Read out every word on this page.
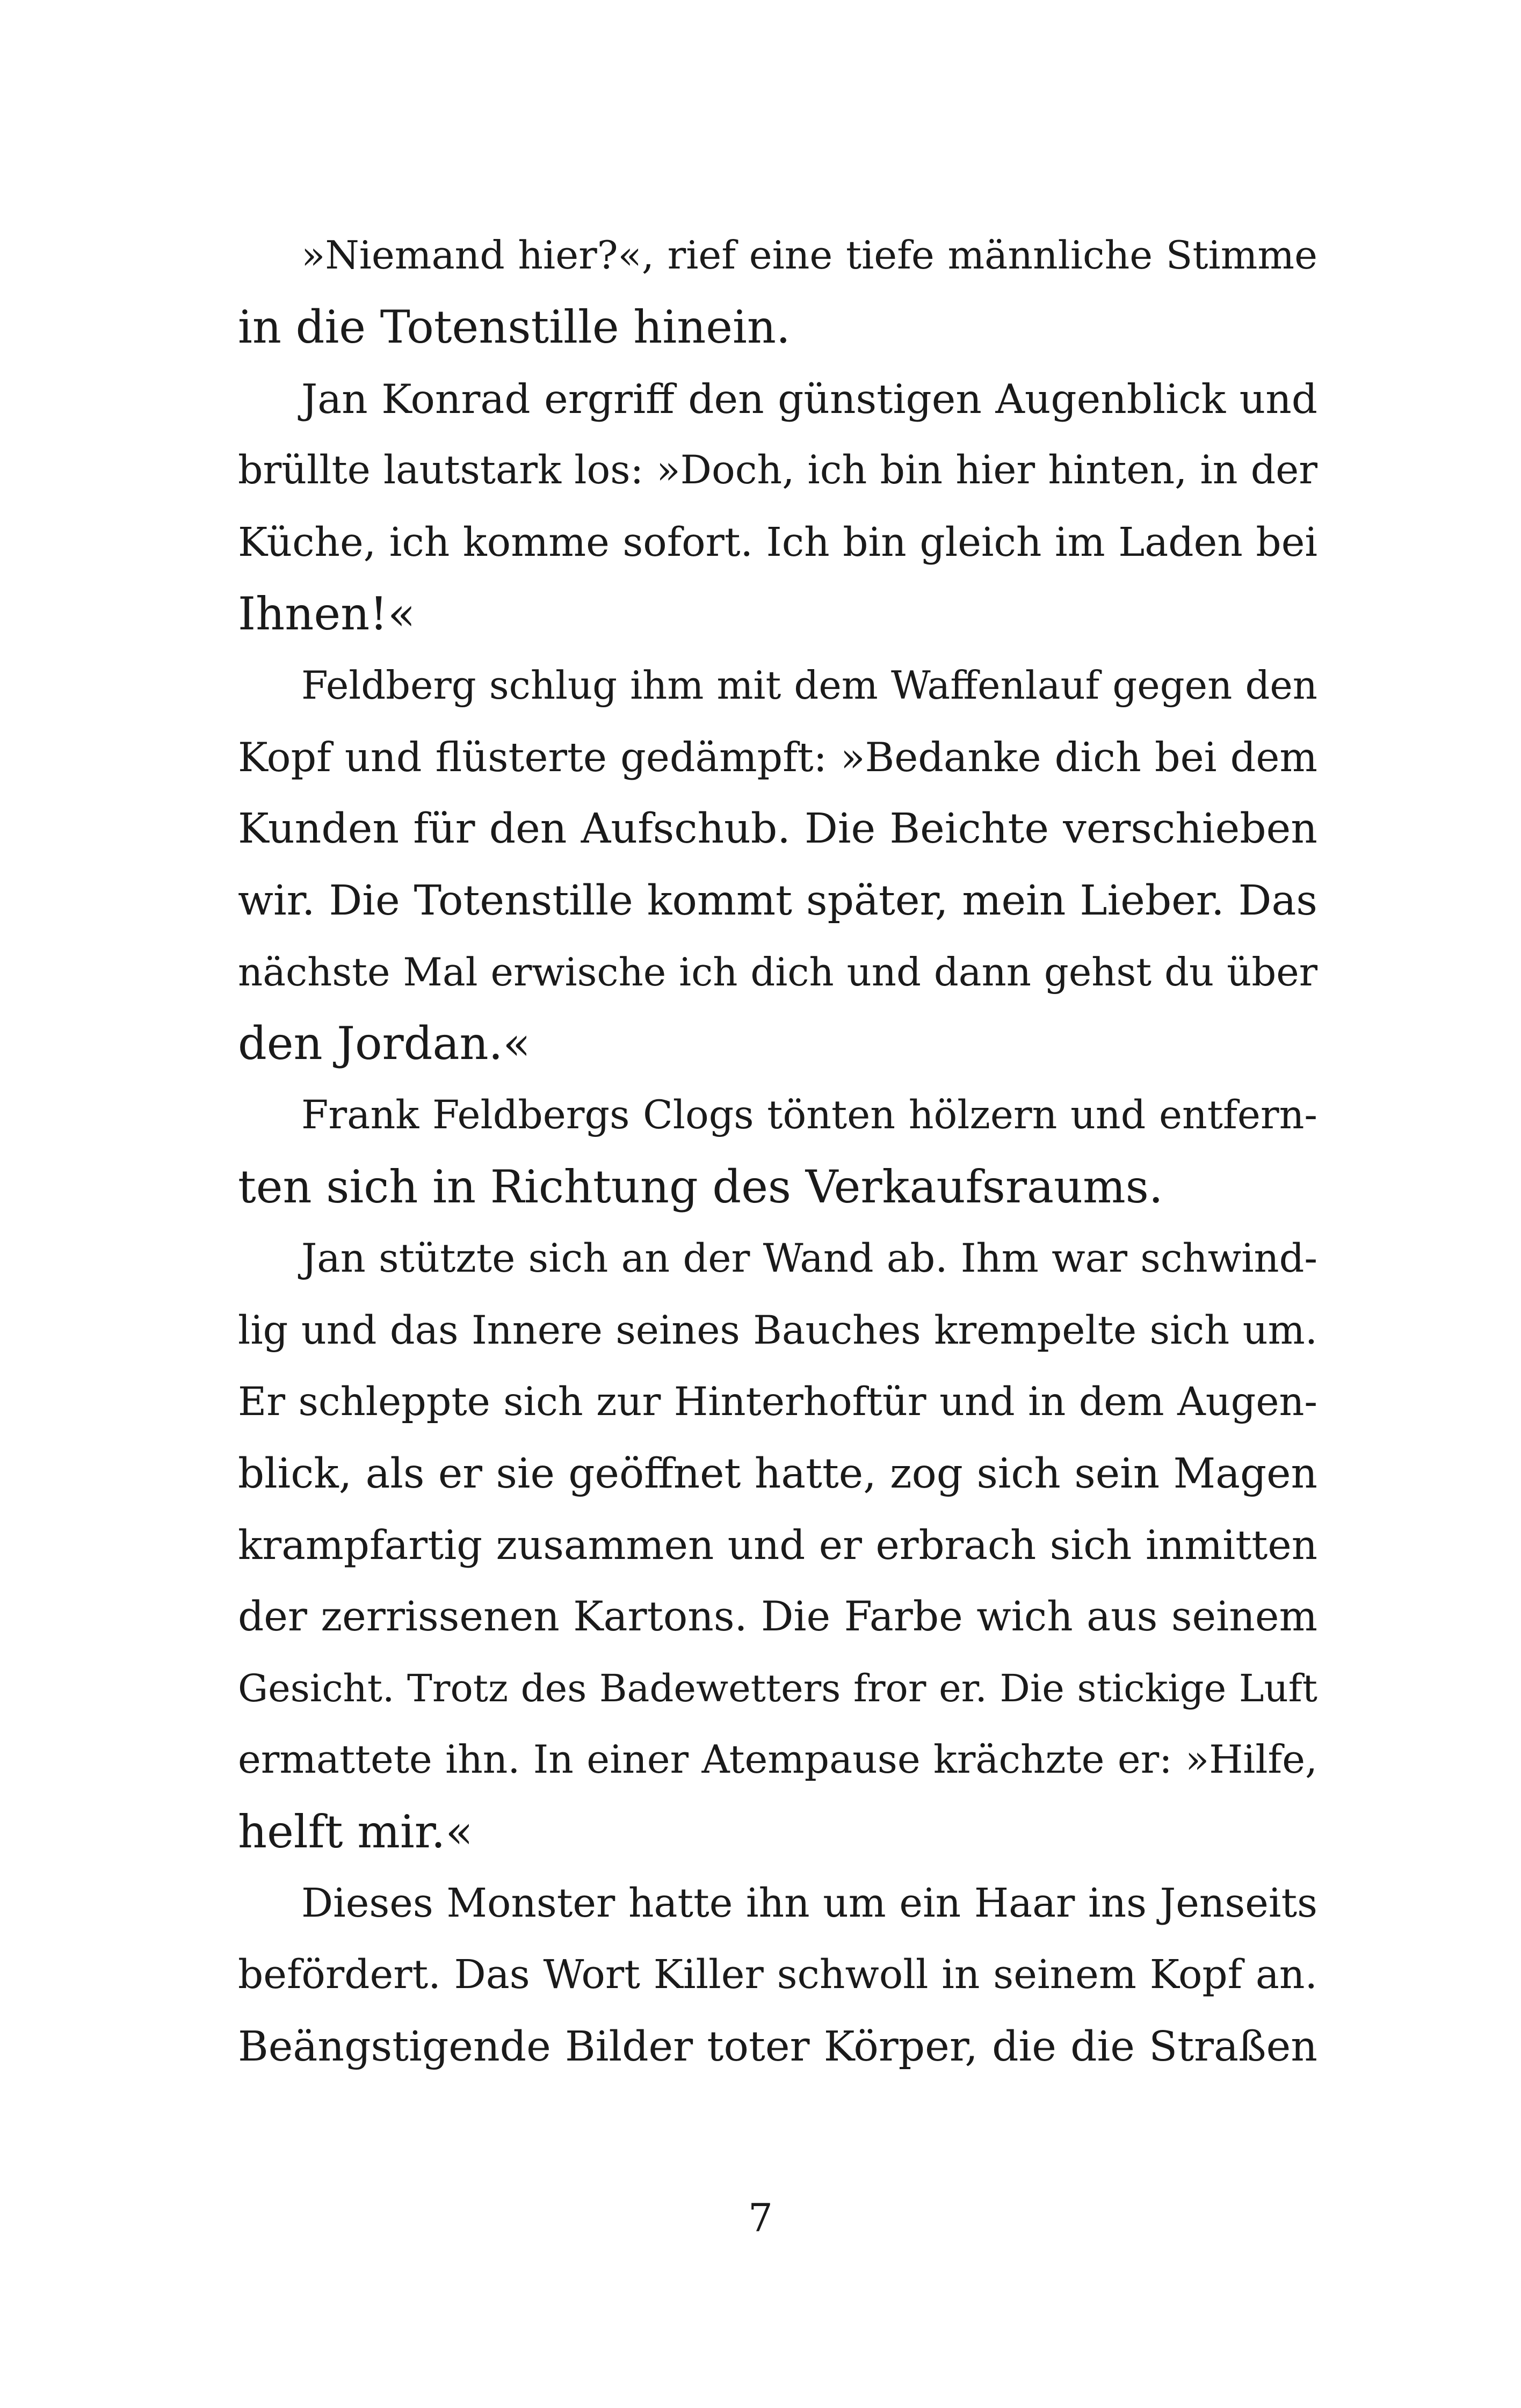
»Niemand hier?«, rief eine tiefe männliche Stimme
in die Totenstille hinein.
Jan Konrad ergriff den günstigen Augenblick und
brüllte lautstark los: »Doch, ich bin hier hinten, in der
Küche, ich komme sofort. Ich bin gleich im Laden bei
Ihnen!«
Feldberg schlug ihm mit dem Waffenlauf gegen den
Kopf und flüsterte gedämpft: »Bedanke dich bei dem
Kunden für den Aufschub. Die Beichte verschieben
wir. Die Totenstille kommt später, mein Lieber. Das
nächste Mal erwische ich dich und dann gehst du über
den Jordan.«
Frank Feldbergs Clogs tönten hölzern und entfern-
ten sich in Richtung des Verkaufsraums.
Jan stützte sich an der Wand ab. Ihm war schwind-
lig und das Innere seines Bauches krempelte sich um.
Er schleppte sich zur Hinterhoftür und in dem Augen-
blick, als er sie geöffnet hatte, zog sich sein Magen
krampfartig zusammen und er erbrach sich inmitten
der zerrissenen Kartons. Die Farbe wich aus seinem
Gesicht. Trotz des Badewetters fror er. Die stickige Luft
ermattete ihn. In einer Atempause krächzte er: »Hilfe,
helft mir.«
Dieses Monster hatte ihn um ein Haar ins Jenseits
befördert. Das Wort Killer schwoll in seinem Kopf an.
Beängstigende Bilder toter Körper, die die Straßen
7
